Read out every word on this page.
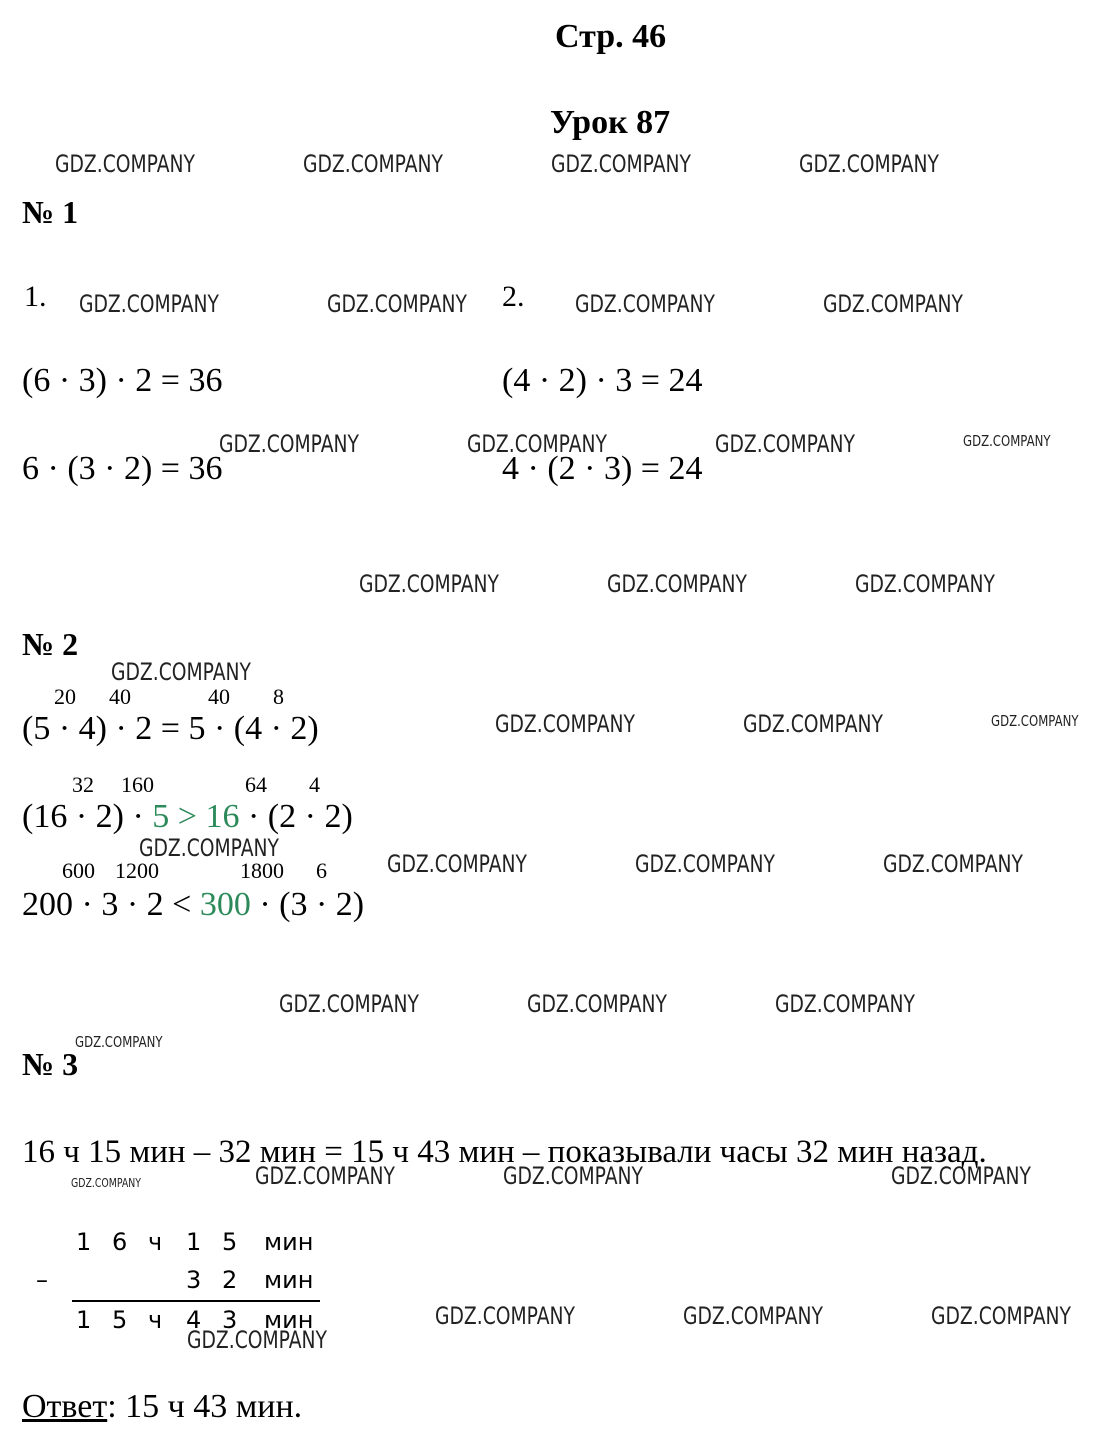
Стр. 46
Урок 87
GDZ.COMPANY	GDZ.COMPANY	GDZ.COMPANY	GDZ.COMPANY
GDZ.COMPANY	GDZ.COMPANY	GDZ.COMPANY	GDZ.COMPANY
GDZ.COMPANY	GDZ.COMPANY	GDZ.COMPANY	GDZ.COMPANY
GDZ.COMPANY	GDZ.COMPANY	GDZ.COMPANY
GDZ.COMPANY
GDZ.COMPANY	GDZ.COMPANY	GDZ.COMPANY
GDZ.COMPANY
GDZ.COMPANY	GDZ.COMPANY	GDZ.COMPANY
GDZ.COMPANY	GDZ.COMPANY	GDZ.COMPANY
GDZ.COMPANY
GDZ.COMPANY	GDZ.COMPANY	GDZ.COMPANY	GDZ.COMPANY
GDZ.COMPANY	GDZ.COMPANY	GDZ.COMPANY
GDZ.COMPANY
№ 1
1.	2.
(6 · 3) · 2 = 36	(4 · 2) · 3 = 24
6 · (3 · 2) = 36	4 · (2 · 3) = 24
№ 2
20 40	40 8
(5 · 4) · 2 = 5 · (4 · 2)
32 160	64 4
(16 · 2) · 5 > 16 · (2 · 2)
600 1200	1800 6
200 · 3 · 2 < 300 · (3 · 2)
№ 3
16 ч 15 мин – 32 мин = 15 ч 43 мин – показывали часы 32 мин назад.
–
1 6 ч 1 5 мин
3 2 мин
1 5 ч 4 3 мин
Ответ: 15 ч 43 мин.
